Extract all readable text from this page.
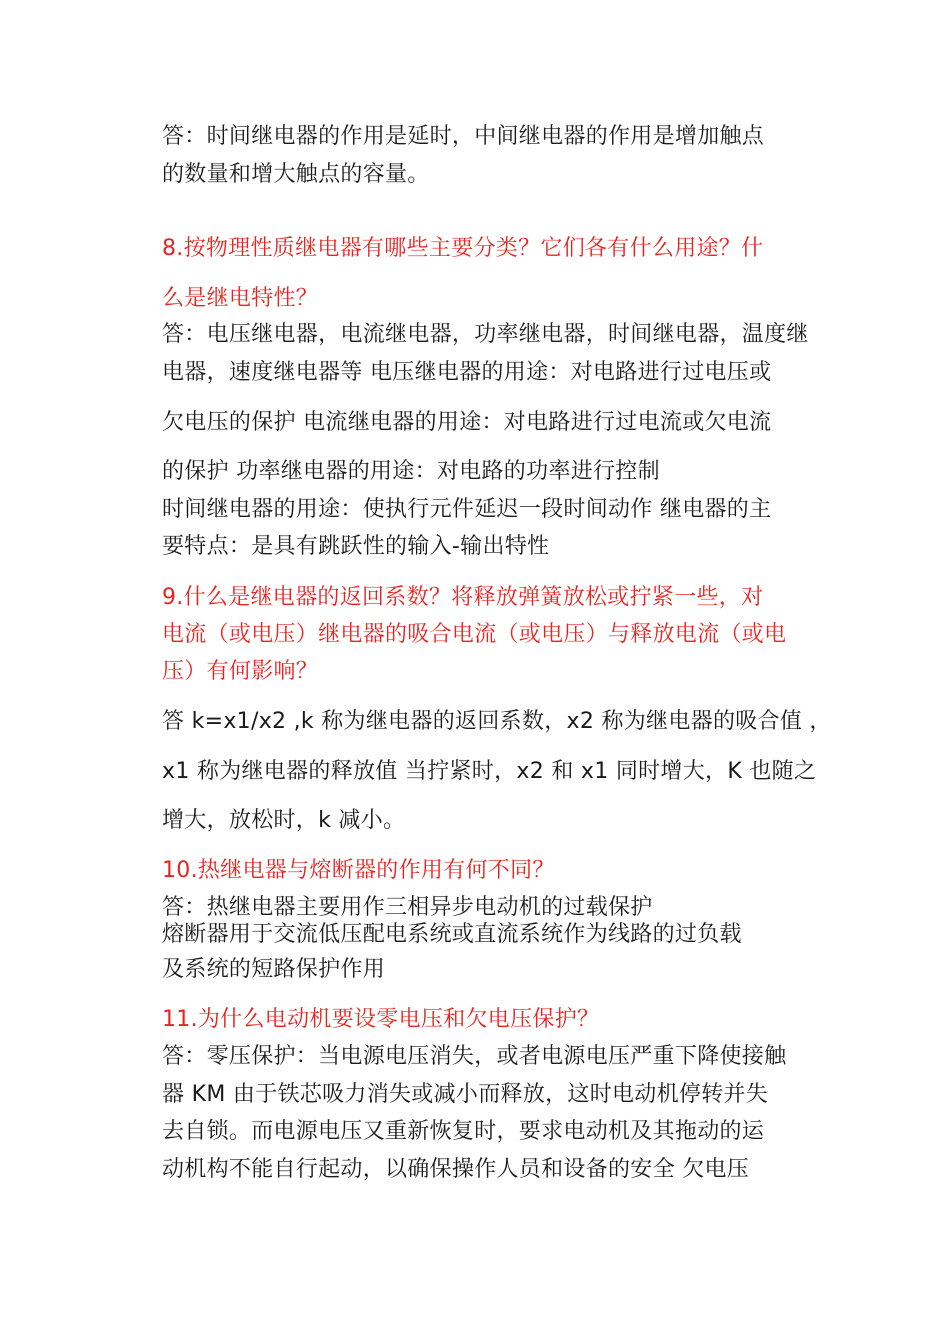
答：时间继电器的作用是延时，中间继电器的作用是增加触点
的数量和增大触点的容量。
8.按物理性质继电器有哪些主要分类？它们各有什么用途？什
么是继电特性？
答：电压继电器，电流继电器，功率继电器，时间继电器，温度继
电器，速度继电器等 电压继电器的用途：对电路进行过电压或
欠电压的保护 电流继电器的用途：对电路进行过电流或欠电流
的保护 功率继电器的用途：对电路的功率进行控制
时间继电器的用途：使执行元件延迟一段时间动作 继电器的主
要特点：是具有跳跃性的输入-输出特性
9.什么是继电器的返回系数？将释放弹簧放松或拧紧一些，对
电流（或电压）继电器的吸合电流（或电压）与释放电流（或电
压）有何影响？
答 k=x1/x2 ,k 称为继电器的返回系数，x2 称为继电器的吸合值 ，
x1 称为继电器的释放值 当拧紧时，x2 和 x1 同时增大，K 也随之
增大，放松时，k 减小。
10.热继电器与熔断器的作用有何不同？
答：热继电器主要用作三相异步电动机的过载保护
熔断器用于交流低压配电系统或直流系统作为线路的过负载
及系统的短路保护作用
11.为什么电动机要设零电压和欠电压保护？
答：零压保护：当电源电压消失，或者电源电压严重下降使接触
器 KM 由于铁芯吸力消失或减小而释放，这时电动机停转并失
去自锁。而电源电压又重新恢复时，要求电动机及其拖动的运
动机构不能自行起动，以确保操作人员和设备的安全 欠电压
